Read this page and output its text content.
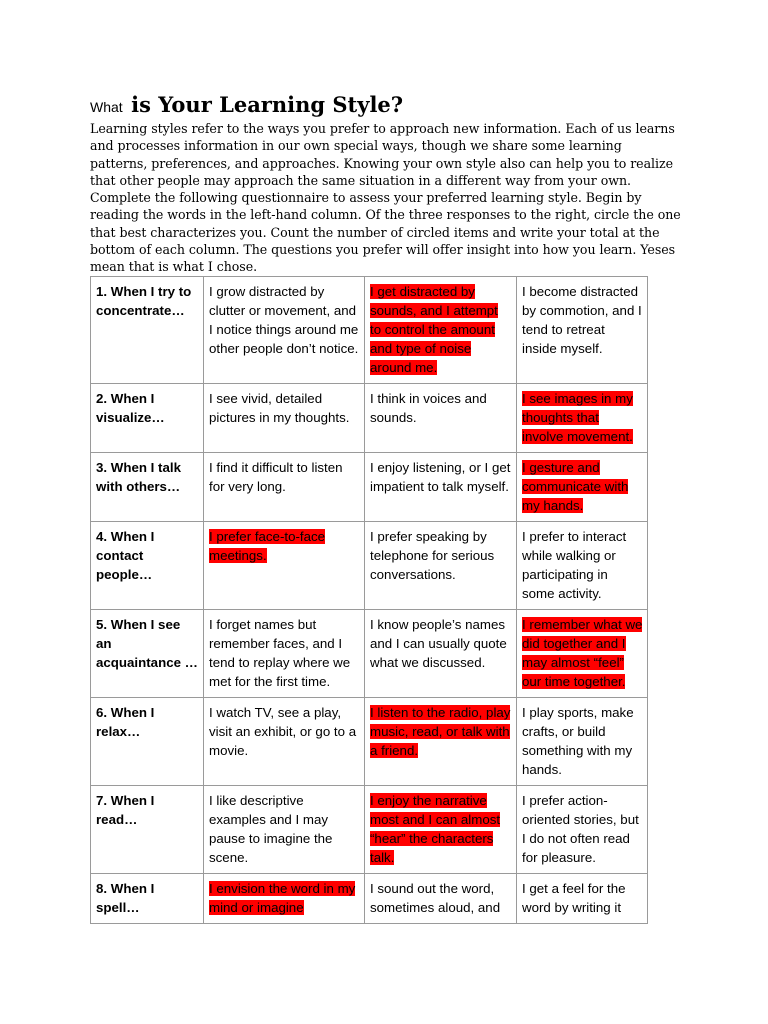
What is Your Learning Style?

Learning styles refer to the ways you prefer to approach new information. Each of us learns and processes information in our own special ways, though we share some learning patterns, preferences, and approaches. Knowing your own style also can help you to realize that other people may approach the same situation in a different way from your own. Complete the following questionnaire to assess your preferred learning style. Begin by reading the words in the left-hand column. Of the three responses to the right, circle the one that best characterizes you. Count the number of circled items and write your total at the bottom of each column. The questions you prefer will offer insight into how you learn. Yeses mean that is what I chose.

1. When I try to concentrate…	I grow distracted by clutter or movement, and I notice things around me other people don’t notice.	I get distracted by sounds, and I attempt to control the amount and type of noise around me.	I become distracted by commotion, and I tend to retreat inside myself.
2. When I visualize…	I see vivid, detailed pictures in my thoughts.	I think in voices and sounds.	I see images in my thoughts that involve movement.
3. When I talk with others…	I find it difficult to listen for very long.	I enjoy listening, or I get impatient to talk myself.	I gesture and communicate with my hands.
4. When I contact people…	I prefer face-to-face meetings.	I prefer speaking by telephone for serious conversations.	I prefer to interact while walking or participating in some activity.
5. When I see an acquaintance …	I forget names but remember faces, and I tend to replay where we met for the first time.	I know people’s names and I can usually quote what we discussed.	I remember what we did together and I may almost “feel” our time together.
6. When I relax…	I watch TV, see a play, visit an exhibit, or go to a movie.	I listen to the radio, play music, read, or talk with a friend.	I play sports, make crafts, or build something with my hands.
7. When I read…	I like descriptive examples and I may pause to imagine the scene.	I enjoy the narrative most and I can almost “hear” the characters talk.	I prefer action-oriented stories, but I do not often read for pleasure.
8. When I spell…	I envision the word in my mind or imagine	I sound out the word, sometimes aloud, and	I get a feel for the word by writing it
